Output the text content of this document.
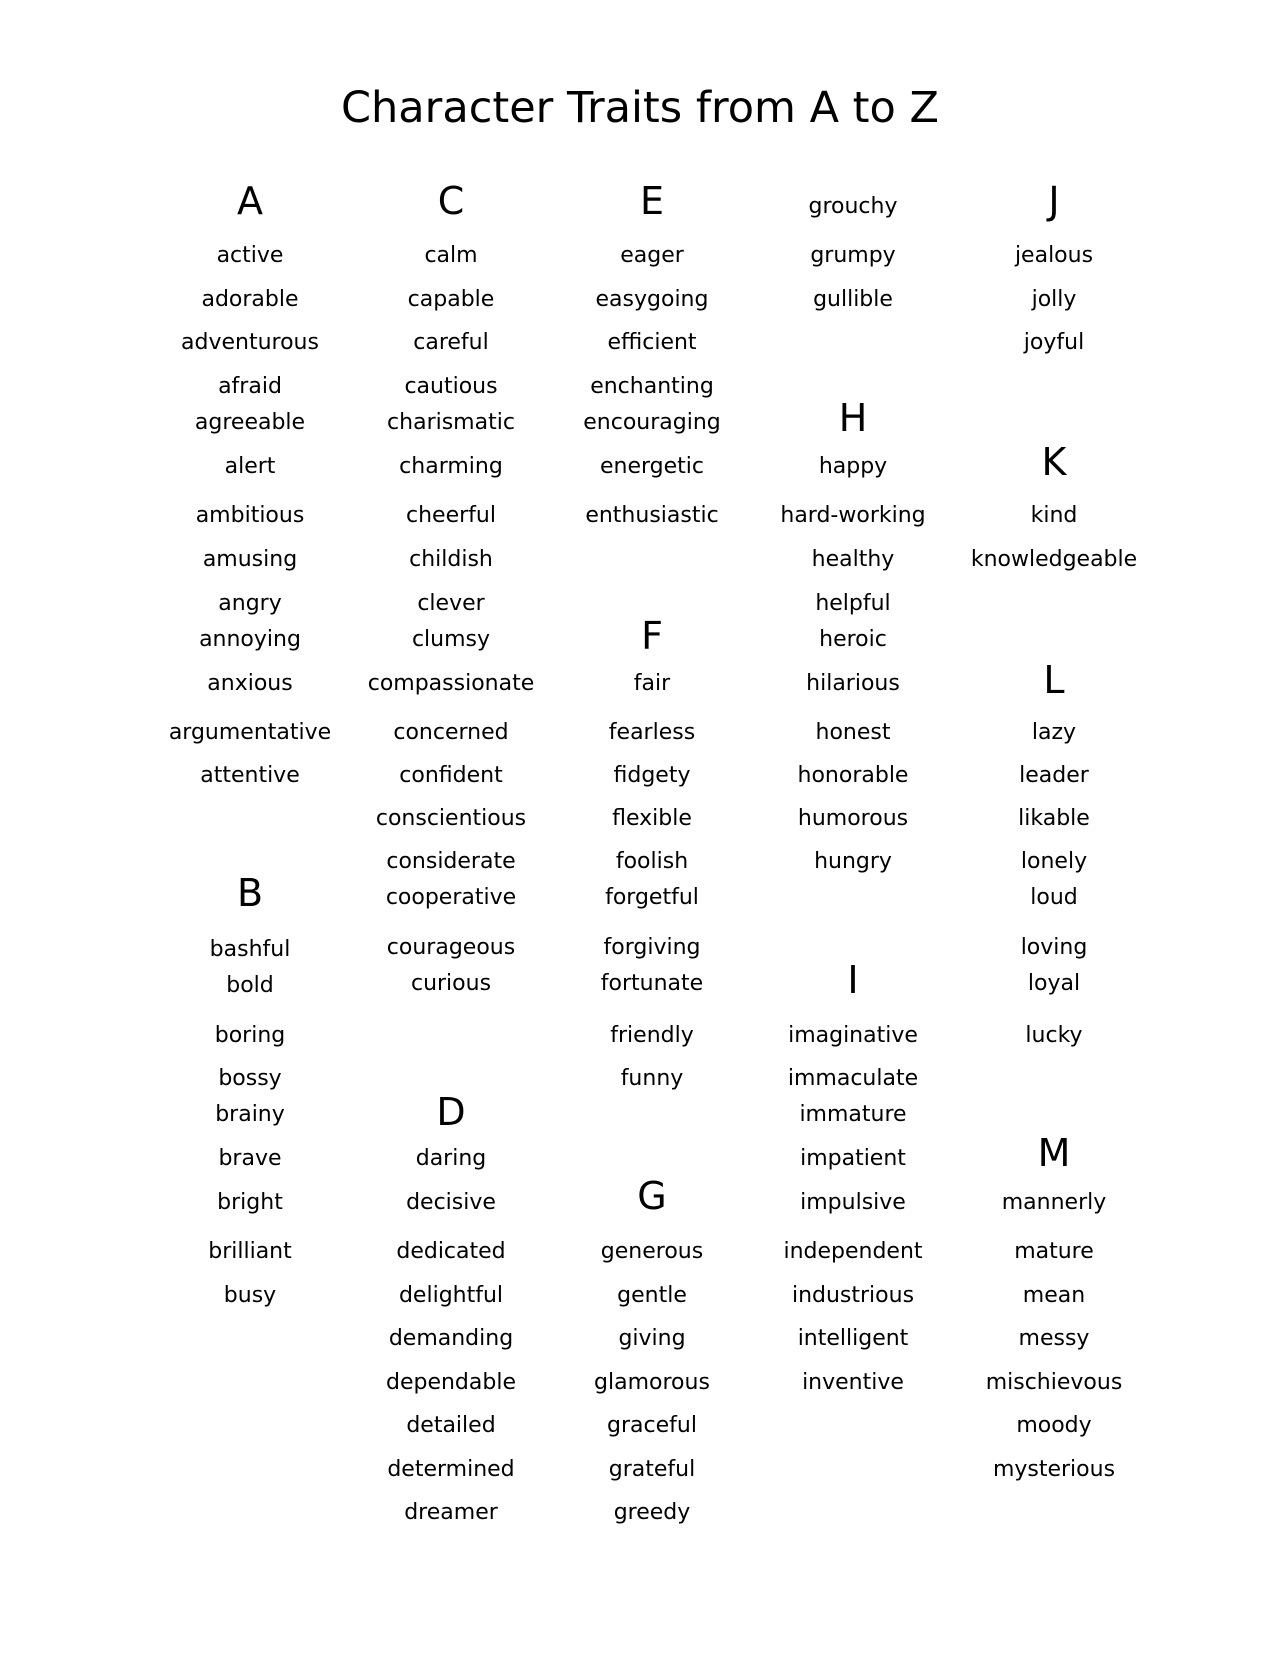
Character Traits from A to Z
A
active
adorable
adventurous
afraid
agreeable
alert
ambitious
amusing
angry
annoying
anxious
argumentative
attentive
B
bashful
bold
boring
bossy
brainy
brave
bright
brilliant
busy
C
calm
capable
careful
cautious
charismatic
charming
cheerful
childish
clever
clumsy
compassionate
concerned
confident
conscientious
considerate
cooperative
courageous
curious
D
daring
decisive
dedicated
delightful
demanding
dependable
detailed
determined
dreamer
E
eager
easygoing
efficient
enchanting
encouraging
energetic
enthusiastic
F
fair
fearless
fidgety
flexible
foolish
forgetful
forgiving
fortunate
friendly
funny
G
generous
gentle
giving
glamorous
graceful
grateful
greedy
grouchy
grumpy
gullible
H
happy
hard-working
healthy
helpful
heroic
hilarious
honest
honorable
humorous
hungry
I
imaginative
immaculate
immature
impatient
impulsive
independent
industrious
intelligent
inventive
J
jealous
jolly
joyful
K
kind
knowledgeable
L
lazy
leader
likable
lonely
loud
loving
loyal
lucky
M
mannerly
mature
mean
messy
mischievous
moody
mysterious
